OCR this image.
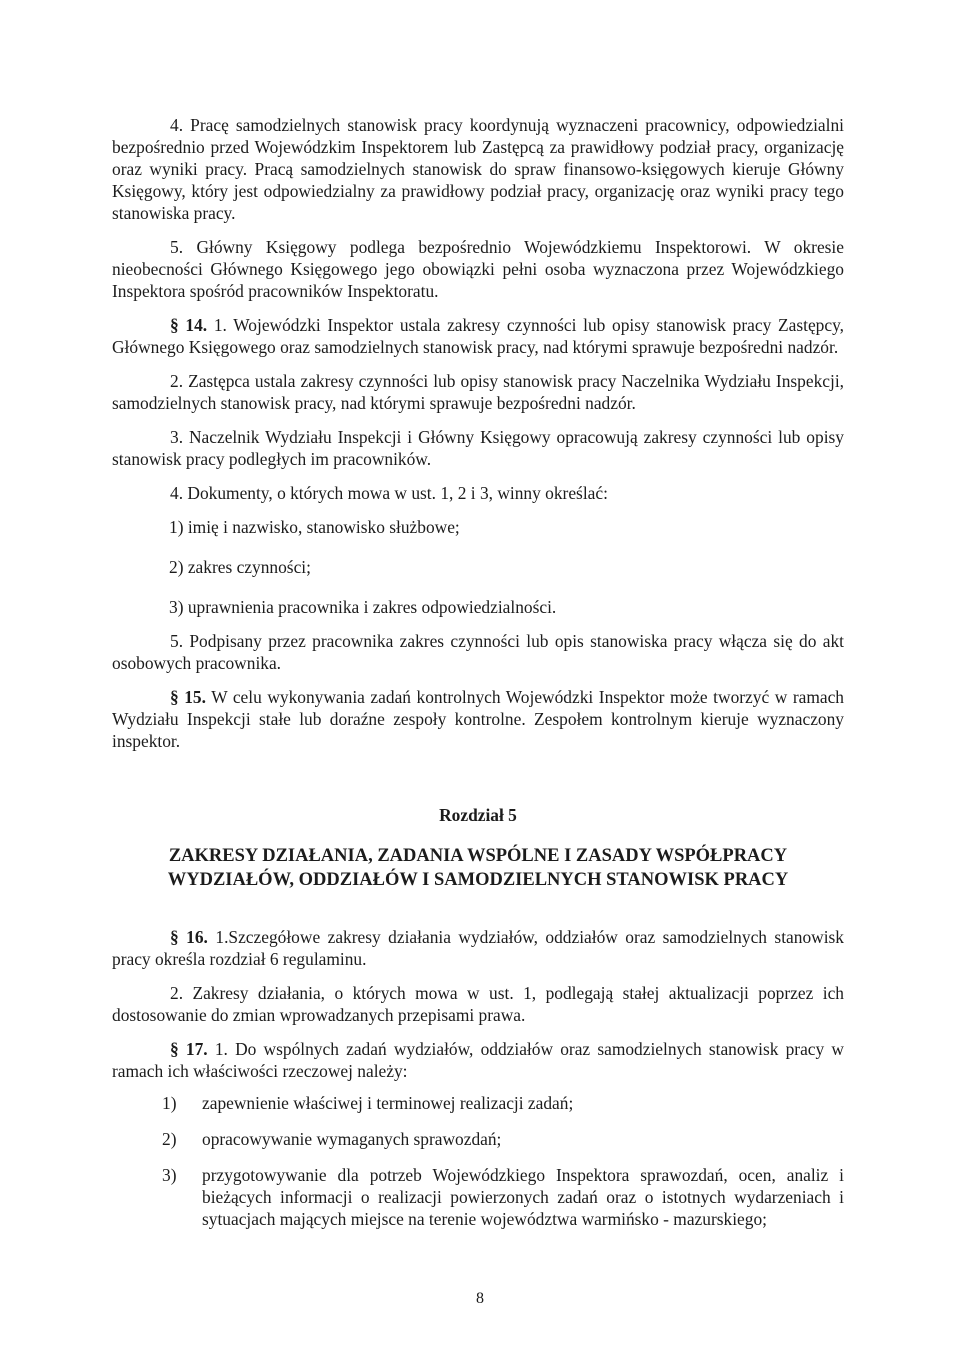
4. Pracę samodzielnych stanowisk pracy koordynują wyznaczeni pracownicy, odpowiedzialni bezpośrednio przed Wojewódzkim Inspektorem lub Zastępcą za prawidłowy podział pracy, organizację oraz wyniki pracy. Pracą samodzielnych stanowisk do spraw finansowo-księgowych kieruje Główny Księgowy, który jest odpowiedzialny za prawidłowy podział pracy, organizację oraz wyniki pracy tego stanowiska pracy.

5. Główny Księgowy podlega bezpośrednio Wojewódzkiemu Inspektorowi. W okresie nieobecności Głównego Księgowego jego obowiązki pełni osoba wyznaczona przez Wojewódzkiego Inspektora spośród pracowników Inspektoratu.

§ 14. 1. Wojewódzki Inspektor ustala zakresy czynności lub opisy stanowisk pracy Zastępcy, Głównego Księgowego oraz samodzielnych stanowisk pracy, nad którymi sprawuje bezpośredni nadzór.

2. Zastępca ustala zakresy czynności lub opisy stanowisk pracy Naczelnika Wydziału Inspekcji, samodzielnych stanowisk pracy, nad którymi sprawuje bezpośredni nadzór.

3. Naczelnik Wydziału Inspekcji i Główny Księgowy opracowują zakresy czynności lub opisy stanowisk pracy podległych im pracowników.

4. Dokumenty, o których mowa w ust. 1, 2 i 3, winny określać:

1) imię i nazwisko, stanowisko służbowe;

2) zakres czynności;

3) uprawnienia pracownika i zakres odpowiedzialności.

5. Podpisany przez pracownika zakres czynności lub opis stanowiska pracy włącza się do akt osobowych pracownika.

§ 15. W celu wykonywania zadań kontrolnych Wojewódzki Inspektor może tworzyć w ramach Wydziału Inspekcji stałe lub doraźne zespoły kontrolne. Zespołem kontrolnym kieruje wyznaczony inspektor.

Rozdział 5

ZAKRESY DZIAŁANIA, ZADANIA WSPÓLNE I ZASADY WSPÓŁPRACY

WYDZIAŁÓW, ODDZIAŁÓW I SAMODZIELNYCH STANOWISK PRACY

§ 16. 1.Szczegółowe zakresy działania wydziałów, oddziałów oraz samodzielnych stanowisk pracy określa rozdział 6 regulaminu.

2. Zakresy działania, o których mowa w ust. 1, podlegają stałej aktualizacji poprzez ich dostosowanie do zmian wprowadzanych przepisami prawa.

§ 17. 1. Do wspólnych zadań wydziałów, oddziałów oraz samodzielnych stanowisk pracy w ramach ich właściwości rzeczowej należy:

1)	zapewnienie właściwej i terminowej realizacji zadań;
2)	opracowywanie wymaganych sprawozdań;
3)	przygotowywanie dla potrzeb Wojewódzkiego Inspektora sprawozdań, ocen, analiz i bieżących informacji o realizacji powierzonych zadań oraz o istotnych wydarzeniach i sytuacjach mających miejsce na terenie województwa warmińsko - mazurskiego;
8
